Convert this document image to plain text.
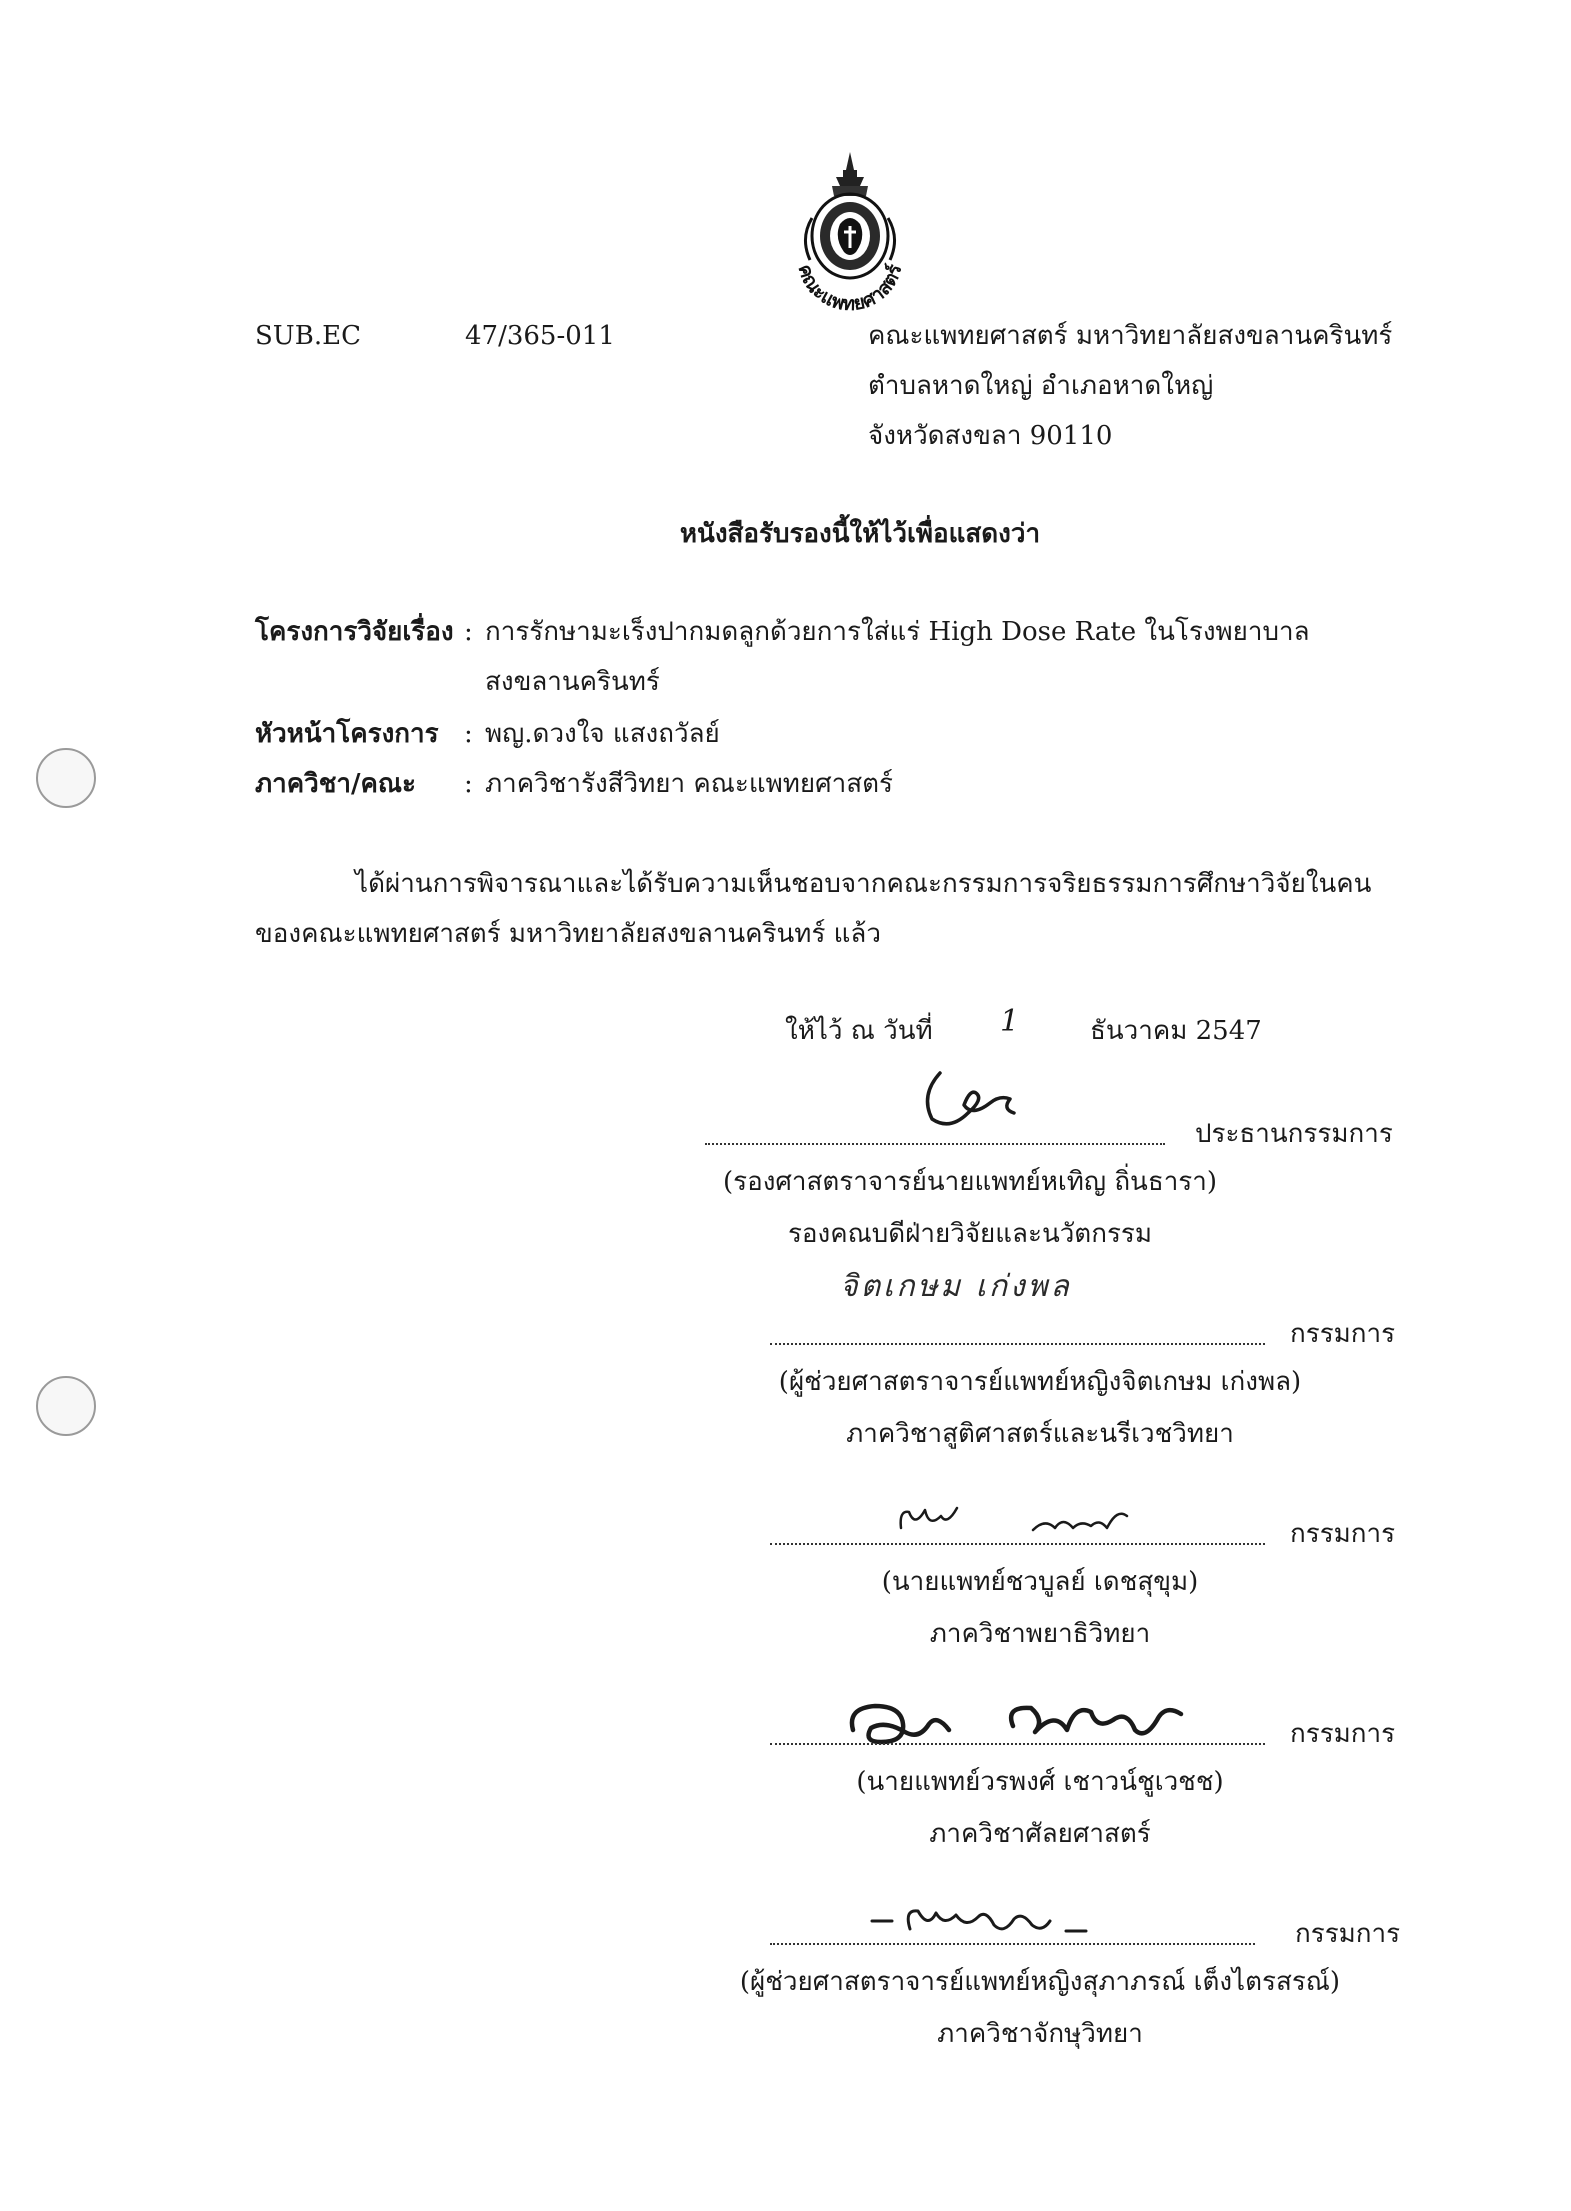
คณะแพทยศาสตร์
SUB.EC	47/365-011	คณะแพทยศาสตร์ มหาวิทยาลัยสงขลานครินทร์
ตำบลหาดใหญ่ อำเภอหาดใหญ่
จังหวัดสงขลา 90110
หนังสือรับรองนี้ให้ไว้เพื่อแสดงว่า
โครงการวิจัยเรื่อง : การรักษามะเร็งปากมดลูกด้วยการใส่แร่ High Dose Rate ในโรงพยาบาล
สงขลานครินทร์
หัวหน้าโครงการ : พญ.ดวงใจ แสงถวัลย์
ภาควิชา/คณะ : ภาควิชารังสีวิทยา คณะแพทยศาสตร์
ได้ผ่านการพิจารณาและได้รับความเห็นชอบจากคณะกรรมการจริยธรรมการศึกษาวิจัยในคน
ของคณะแพทยศาสตร์ มหาวิทยาลัยสงขลานครินทร์ แล้ว
ให้ไว้ ณ วันที่ 1	ธันวาคม 2547
ประธานกรรมการ
(รองศาสตราจารย์นายแพทย์หเทิญ ถิ่นธารา)
รองคณบดีฝ่ายวิจัยและนวัตกรรม
จิตเกษม เก่งพล
กรรมการ
(ผู้ช่วยศาสตราจารย์แพทย์หญิงจิตเกษม เก่งพล)
ภาควิชาสูติศาสตร์และนรีเวชวิทยา
กรรมการ
(นายแพทย์ชวบูลย์ เดชสุขุม)
ภาควิชาพยาธิวิทยา
กรรมการ
(นายแพทย์วรพงศ์ เชาวน์ชูเวชช)
ภาควิชาศัลยศาสตร์
กรรมการ
(ผู้ช่วยศาสตราจารย์แพทย์หญิงสุภาภรณ์ เต็งไตรสรณ์)
ภาควิชาจักษุวิทยา
